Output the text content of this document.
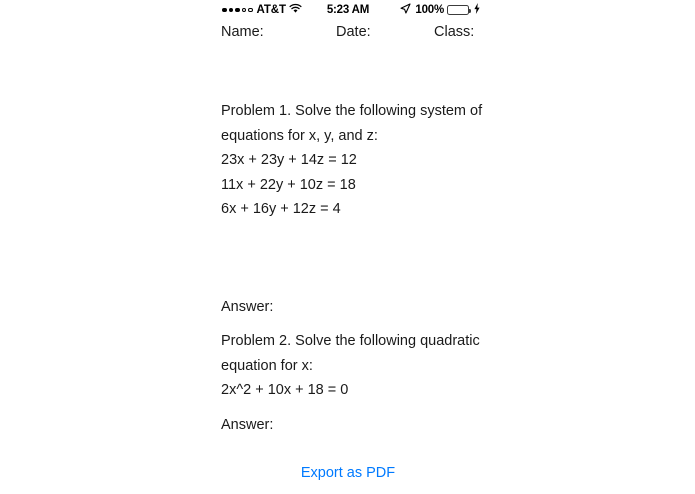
AT&T	5:23 AM	100%
Name:	Date:	Class:
Problem 1. Solve the following system of
equations for x, y, and z:
23x + 23y + 14z = 12
11x + 22y + 10z = 18
6x + 16y + 12z = 4
Answer:
Problem 2. Solve the following quadratic
equation for x:
2x^2 + 10x + 18 = 0
Answer:
Export as PDF
